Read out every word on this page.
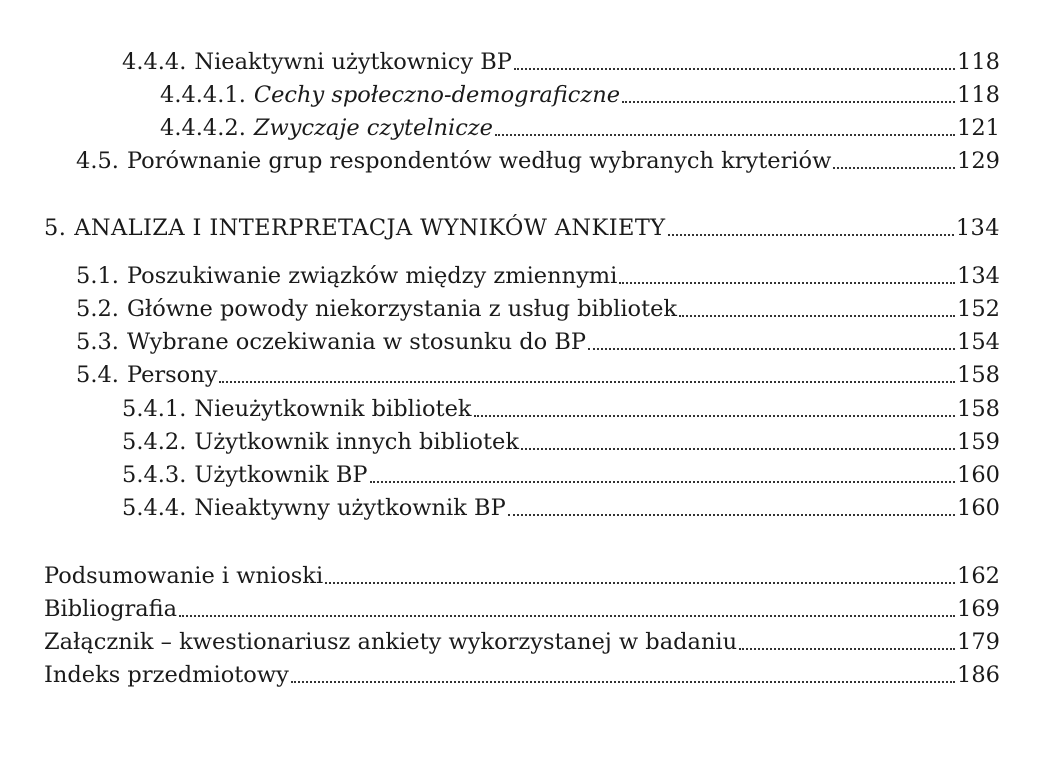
4.4.4. Nieaktywni użytkownicy BP	118
4.4.4.1. Cechy społeczno-demograficzne	118
4.4.4.2. Zwyczaje czytelnicze	121
4.5. Porównanie grup respondentów według wybranych kryteriów	129
5. ANALIZA I INTERPRETACJA WYNIKÓW ANKIETY	134
5.1. Poszukiwanie związków między zmiennymi	134
5.2. Główne powody niekorzystania z usług bibliotek	152
5.3. Wybrane oczekiwania w stosunku do BP	154
5.4. Persony	158
5.4.1. Nieużytkownik bibliotek	158
5.4.2. Użytkownik innych bibliotek	159
5.4.3. Użytkownik BP	160
5.4.4. Nieaktywny użytkownik BP	160
Podsumowanie i wnioski	162
Bibliografia	169
Załącznik – kwestionariusz ankiety wykorzystanej w badaniu	179
Indeks przedmiotowy	186
